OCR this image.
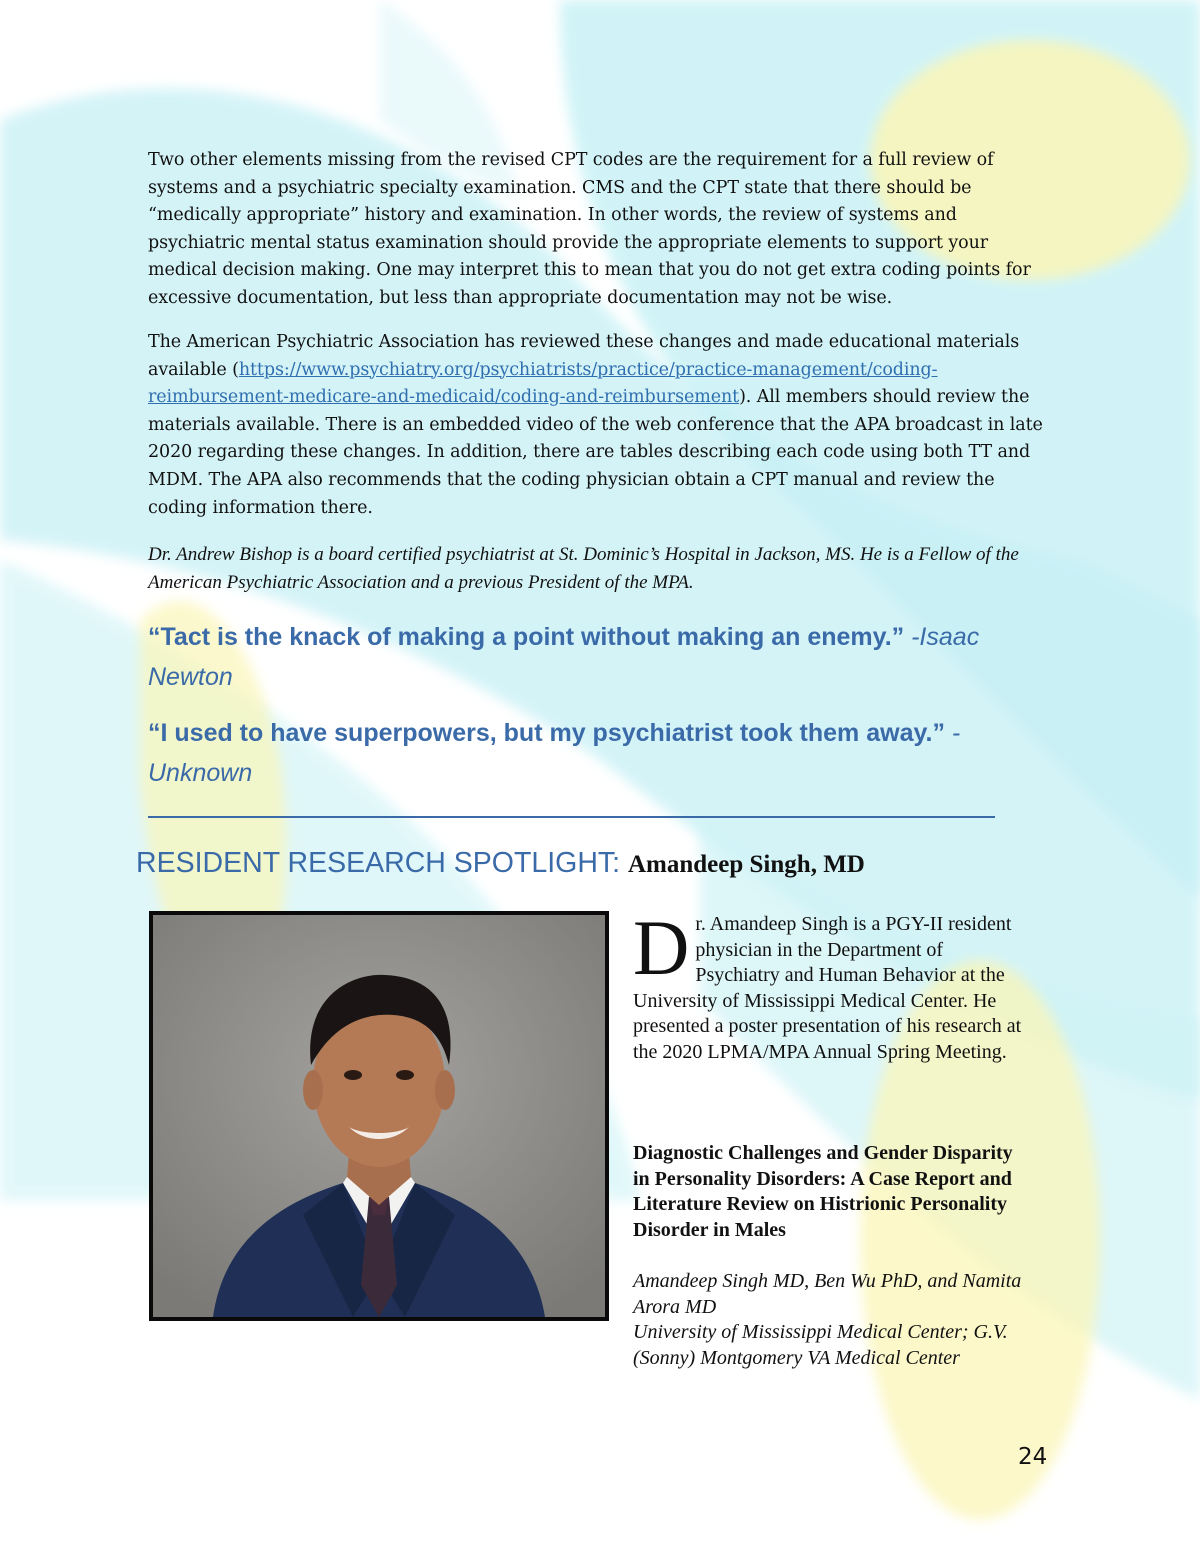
Two other elements missing from the revised CPT codes are the requirement for a full review of systems and a psychiatric specialty examination. CMS and the CPT state that there should be “medically appropriate” history and examination. In other words, the review of systems and psychiatric mental status examination should provide the appropriate elements to support your medical decision making. One may interpret this to mean that you do not get extra coding points for excessive documentation, but less than appropriate documentation may not be wise.

The American Psychiatric Association has reviewed these changes and made educational materials available (https://www.psychiatry.org/psychiatrists/practice/practice-management/coding-reimbursement-medicare-and-medicaid/coding-and-reimbursement). All members should review the materials available. There is an embedded video of the web conference that the APA broadcast in late 2020 regarding these changes. In addition, there are tables describing each code using both TT and MDM. The APA also recommends that the coding physician obtain a CPT manual and review the coding information there.

Dr. Andrew Bishop is a board certified psychiatrist at St. Dominic’s Hospital in Jackson, MS. He is a Fellow of the American Psychiatric Association and a previous President of the MPA.

“Tact is the knack of making a point without making an enemy.” -Isaac Newton

“I used to have superpowers, but my psychiatrist took them away.” -Unknown

RESIDENT RESEARCH SPOTLIGHT: Amandeep Singh, MD

Dr. Amandeep Singh is a PGY-II resident physician in the Department of Psychiatry and Human Behavior at the University of Mississippi Medical Center. He presented a poster presentation of his research at the 2020 LPMA/MPA Annual Spring Meeting.

Diagnostic Challenges and Gender Disparity in Personality Disorders: A Case Report and Literature Review on Histrionic Personality Disorder in Males

Amandeep Singh MD, Ben Wu PhD, and Namita Arora MD

University of Mississippi Medical Center; G.V. (Sonny) Montgomery VA Medical Center

24
